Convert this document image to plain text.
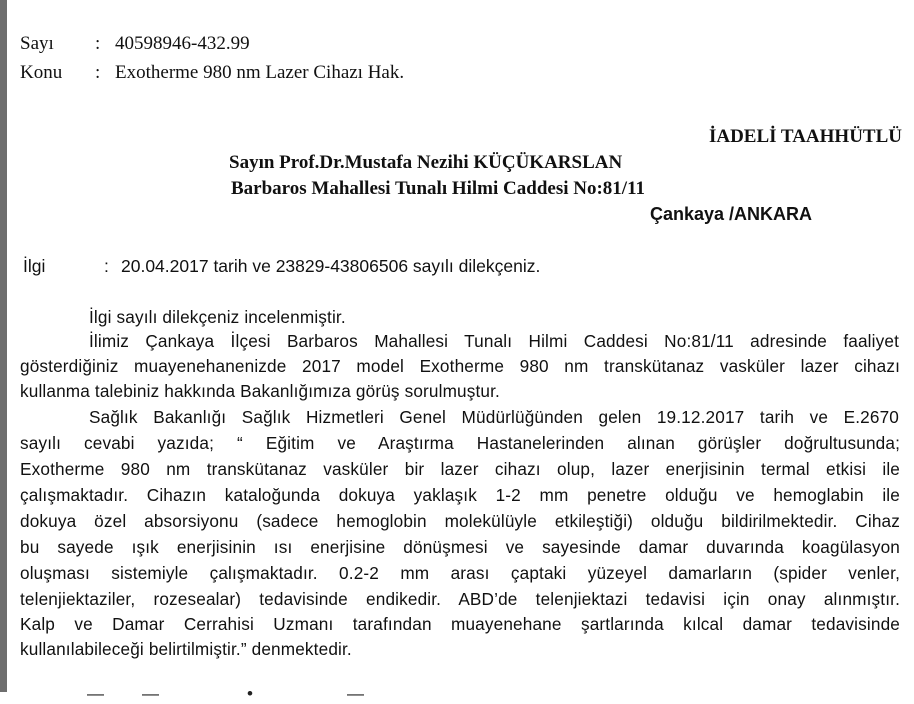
Sayı : 40598946-432.99
Konu : Exotherme 980 nm Lazer Cihazı Hak.
İADELİ TAAHHÜTLÜ
Sayın Prof.Dr.Mustafa Nezihi KÜÇÜKARSLAN
Barbaros Mahallesi Tunalı Hilmi Caddesi No:81/11
Çankaya /ANKARA
İlgi	: 20.04.2017 tarih ve 23829-43806506 sayılı dilekçeniz.
İlgi sayılı dilekçeniz incelenmiştir.
İlimiz Çankaya İlçesi Barbaros Mahallesi Tunalı Hilmi Caddesi No:81/11 adresinde faaliyet
gösterdiğiniz muayenehanenizde 2017 model Exotherme 980 nm transkütanaz vasküler lazer cihazı
kullanma talebiniz hakkında Bakanlığımıza görüş sorulmuştur.
Sağlık Bakanlığı Sağlık Hizmetleri Genel Müdürlüğünden gelen 19.12.2017 tarih ve E.2670
sayılı cevabi yazıda; “ Eğitim ve Araştırma Hastanelerinden alınan görüşler doğrultusunda;
Exotherme 980 nm transkütanaz vasküler bir lazer cihazı olup, lazer enerjisinin termal etkisi ile
çalışmaktadır. Cihazın kataloğunda dokuya yaklaşık 1-2 mm penetre olduğu ve hemoglabin ile
dokuya özel absorsiyonu (sadece hemoglobin molekülüyle etkileştiği) olduğu bildirilmektedir. Cihaz
bu sayede ışık enerjisinin ısı enerjisine dönüşmesi ve sayesinde damar duvarında koagülasyon
oluşması sistemiyle çalışmaktadır. 0.2-2 mm arası çaptaki yüzeyel damarların (spider venler,
telenjiektaziler, rozesealar) tedavisinde endikedir. ABD’de telenjiektazi tedavisi için onay alınmıştır.
Kalp ve Damar Cerrahisi Uzmanı tarafından muayenehane şartlarında kılcal damar tedavisinde
kullanılabileceği belirtilmiştir.” denmektedir.
— —	•	—
